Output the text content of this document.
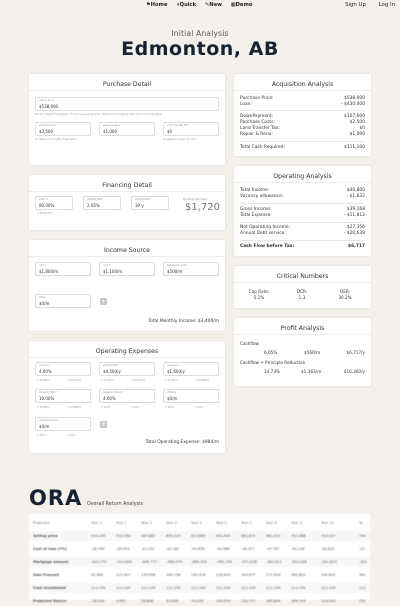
⚑Home »Quick ✎New ▦Demo	Sign Up Log In
Initial Analysis
Edmonton, AB
Purchase Detail
Asking Price
$538,000
Pro tip: Adjust the analysis / if one uses asking price, (there are something here and some important)
Purchase Price
$2,500
on other price (right) imagination
Repair & Reno
$1,000
Land Transfer Tax
$0
(suggested value: $1,075)
Financing Detail
Loan %
80.00%
= $430,400
Interest Rate
2.65%
Amortization
30 y
Monthly Payment
$1,720
Income Source
Unit 1
$1,800/m
Unit 2
$1,100/m
Basement rental
$500/m
Other
$0/m	+
Total Monthly Income: $3,400/m
Operating Expenses
Vacancy
4.00%
= $136/m	= $1,632/y
Property Tax
$4,500/y
= $375/m	= $4,500/y
Insurance
$1,600/y
= $133/m	= $1,600/y
Property Mgmt
10.00%
= $340/m	= $4,080/y
Repairs & Maint
4.00%
= $0/m	= $0/y
Utilities
$0/m
= $0/m	= $0/y
Other Expenses
$0/m
= $0/m	= $0/y
+
Total Operating Expense: $984/m
Acquisition Analysis
Purchase Price:	$538,000
Loan:	- $430,400
DownPayment:	$107,600
Purchase Costs:	$2,500
Land Transfer Tax:	$0
Repair & Reno:	$1,000
Total Cash Required:	$111,100
Operating Analysis
Total Income:	$40,800
Vacancy allowance:	- $1,632
Gross Income:	$39,168
Total Expense:	- $11,812
Net Operating Income:	$27,356
Annual Debt service:	- $20,639
Cash Flow before Tax:	$6,717
Critical Numbers
Cap Rate:
5.1%
DCR:
1.3
OER:
30.2%
Profit Analysis
Cashflow
6.05%	$560/m	$6,717/y
Cashflow + Principle Reduction
14.73%	$1,363/m	$16,360/y
ORA Overall Return Analysis
Projected	Year 1	Year 2	Year 3	Year 4	Year 5	Year 6	Year 7	Year 8	Year 9	Year 10	Ye
Selling price	554,140	570,764	587,887	605,524	623,689	642,400	661,672	681,522	701,968	723,027	744
Cost of Sale (7%)	-38,790	-39,953	-41,152	-42,387	-43,658	-44,968	-46,317	-47,707	-49,138	-50,612	-52
Mortgage amount	-422,770	-414,904	-406,777	-398,379	-389,703	-380,739	-371,478	-361,911	-352,026	-341,813	-331
Sale Proceed	92,580	115,907	139,958	164,758	190,328	216,693	243,877	271,904	300,804	330,602	361
Cash investment	111,100	111,100	111,100	111,100	111,100	111,100	111,100	111,100	111,100	111,100	111
Projected Return	-18,520	4,807	28,858	53,658	79,228	105,593	132,777	160,804	189,704	219,502	250
